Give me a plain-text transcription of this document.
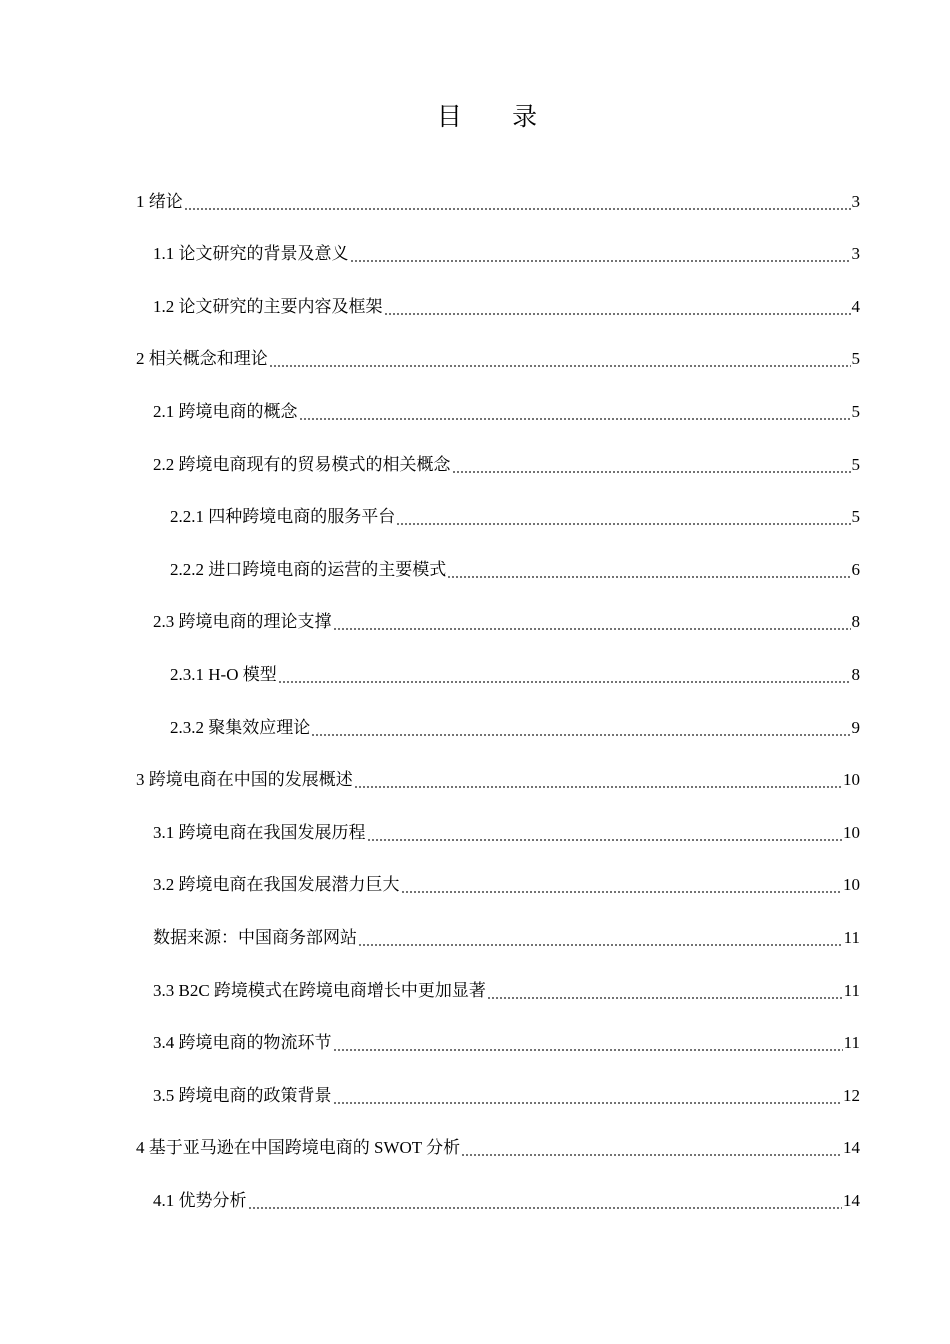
目 录
1 绪论	3
1.1 论文研究的背景及意义	3
1.2 论文研究的主要内容及框架	4
2 相关概念和理论	5
2.1 跨境电商的概念	5
2.2 跨境电商现有的贸易模式的相关概念	5
2.2.1 四种跨境电商的服务平台	5
2.2.2 进口跨境电商的运营的主要模式	6
2.3 跨境电商的理论支撑	8
2.3.1 H-O 模型	8
2.3.2 聚集效应理论	9
3 跨境电商在中国的发展概述	10
3.1 跨境电商在我国发展历程	10
3.2 跨境电商在我国发展潜力巨大	10
数据来源：中国商务部网站	11
3.3 B2C 跨境模式在跨境电商增长中更加显著	11
3.4 跨境电商的物流环节	11
3.5 跨境电商的政策背景	12
4 基于亚马逊在中国跨境电商的 SWOT 分析	14
4.1 优势分析	14
